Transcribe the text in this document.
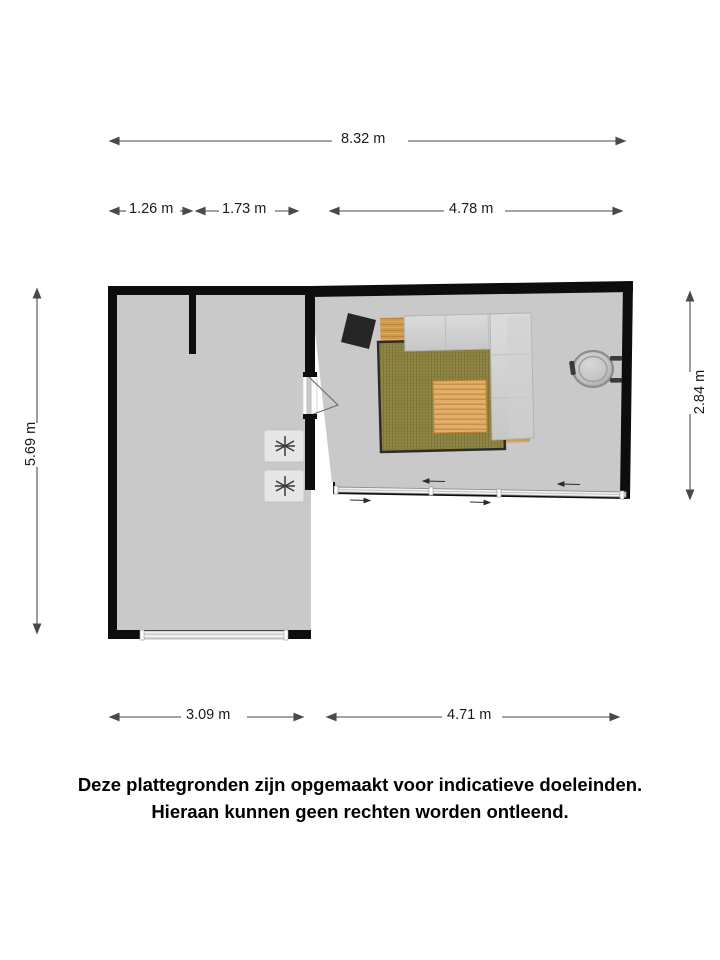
8.32 m
1.26 m	1.73 m	4.78 m
5.69 m
2.84 m
3.09 m	4.71 m
Deze plattegronden zijn opgemaakt voor indicatieve doeleinden.
Hieraan kunnen geen rechten worden ontleend.
